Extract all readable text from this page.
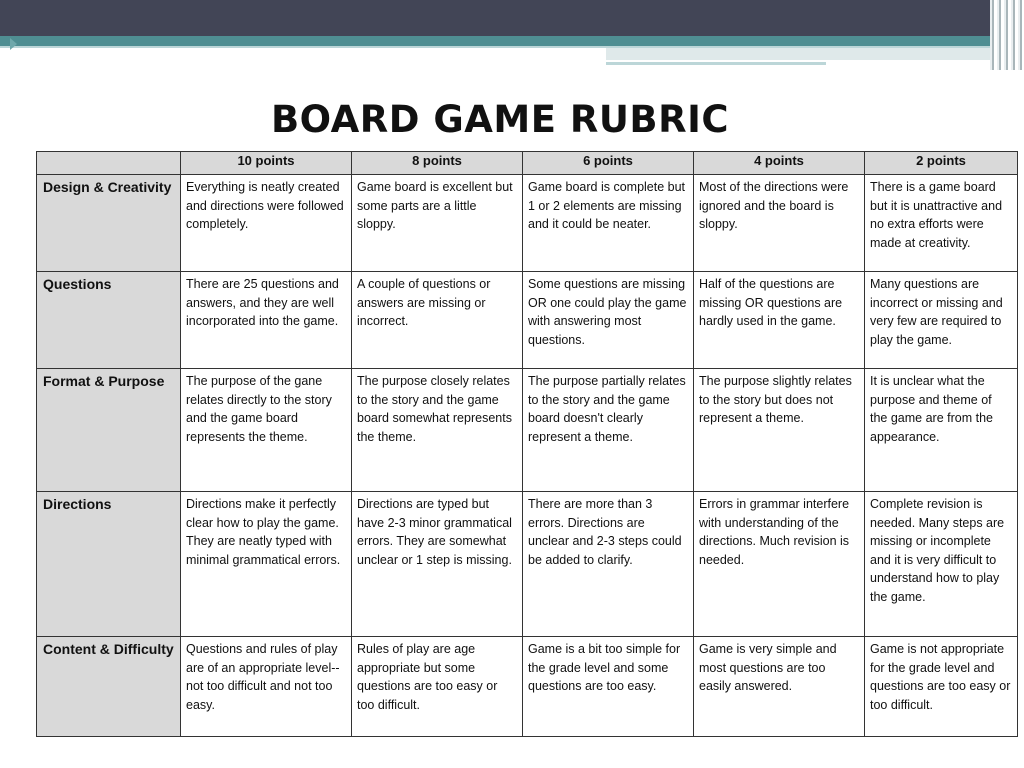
BOARD GAME RUBRIC
	10 points	8 points	6 points	4 points	2 points
Design & Creativity	Everything is neatly created and directions were followed completely.	Game board is excellent but some parts are a little sloppy.	Game board is complete but 1 or 2 elements are missing and it could be neater.	Most of the directions were ignored and the board is sloppy.	There is a game board but it is unattractive and no extra efforts were made at creativity.
Questions	There are 25 questions and answers, and they are well incorporated into the game.	A couple of questions or answers are missing or incorrect.	Some questions are missing OR one could play the game with answering most questions.	Half of the questions are missing OR questions are hardly used in the game.	Many questions are incorrect or missing and very few are required to play the game.
Format & Purpose	The purpose of the gane relates directly to the story and the game board represents the theme.	The purpose closely relates to the story and the game board somewhat represents the theme.	The purpose partially relates to the story and the game board doesn't clearly represent a theme.	The purpose slightly relates to the story but does not represent a theme.	It is unclear what the purpose and theme of the game are from the appearance.
Directions	Directions make it perfectly clear how to play the game. They are neatly typed with minimal grammatical errors.	Directions are typed but have 2-3 minor grammatical errors. They are somewhat unclear or 1 step is missing.	There are more than 3 errors. Directions are unclear and 2-3 steps could be added to clarify.	Errors in grammar interfere with understanding of the directions. Much revision is needed.	Complete revision is needed. Many steps are missing or incomplete and it is very difficult to understand how to play the game.
Content & Difficulty	Questions and rules of play are of an appropriate level--not too difficult and not too easy.	Rules of play are age appropriate but some questions are too easy or too difficult.	Game is a bit too simple for the grade level and some questions are too easy.	Game is very simple and most questions are too easily answered.	Game is not appropriate for the grade level and questions are too easy or too difficult.
